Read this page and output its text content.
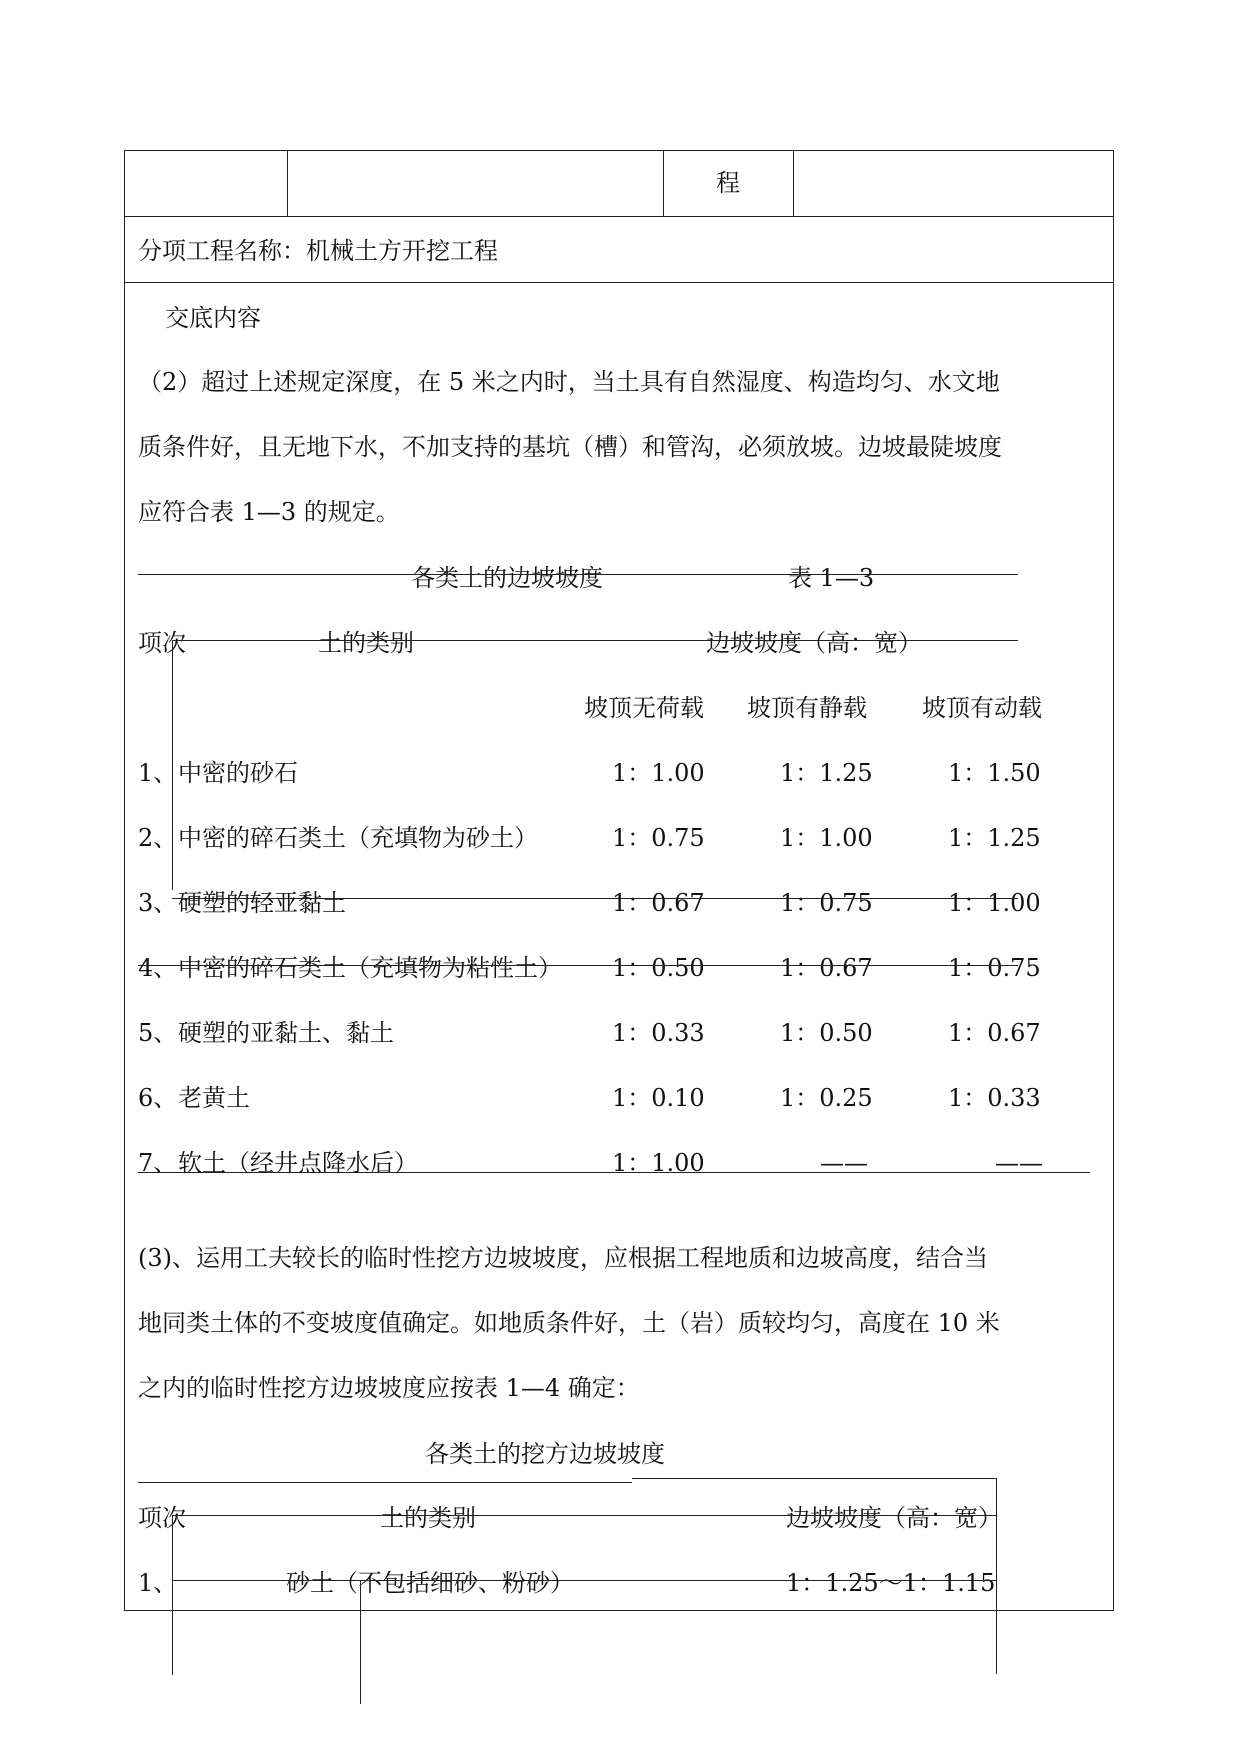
程
分项工程名称：机械土方开挖工程
交底内容
（2）超过上述规定深度，在 5 米之内时，当土具有自然湿度、构造均匀、水文地
质条件好，且无地下水，不加支持的基坑（槽）和管沟，必须放坡。边坡最陡坡度
应符合表 1—3 的规定。
各类土的边坡坡度	表 1—3
项次	土的类别	边坡坡度（高：宽）
坡顶无荷载 坡顶有静载 坡顶有动载
1、 中密的砂石	1：1.00	1：1.25	1：1.50
2、 中密的碎石类土（充填物为砂土）	1：0.75	1：1.00	1：1.25
3、 硬塑的轻亚黏土	1：0.67	1：0.75	1：1.00
4、 中密的碎石类土（充填物为粘性土） 1：0.50	1：0.67	1：0.75
5、 硬塑的亚黏土、黏土	1：0.33	1：0.50	1：0.67
6、 老黄土	1：0.10	1：0.25	1：0.33
7、 软土（经井点降水后）	1：1.00	——	——
(3)、运用工夫较长的临时性挖方边坡坡度，应根据工程地质和边坡高度，结合当
地同类土体的不变坡度值确定。如地质条件好，土（岩）质较均匀，高度在 10 米
之内的临时性挖方边坡坡度应按表 1—4 确定：
各类土的挖方边坡坡度
项次	土的类别	边坡坡度（高：宽）
1、	砂土（不包括细砂、粉砂）	1：1.25～1：1.15
